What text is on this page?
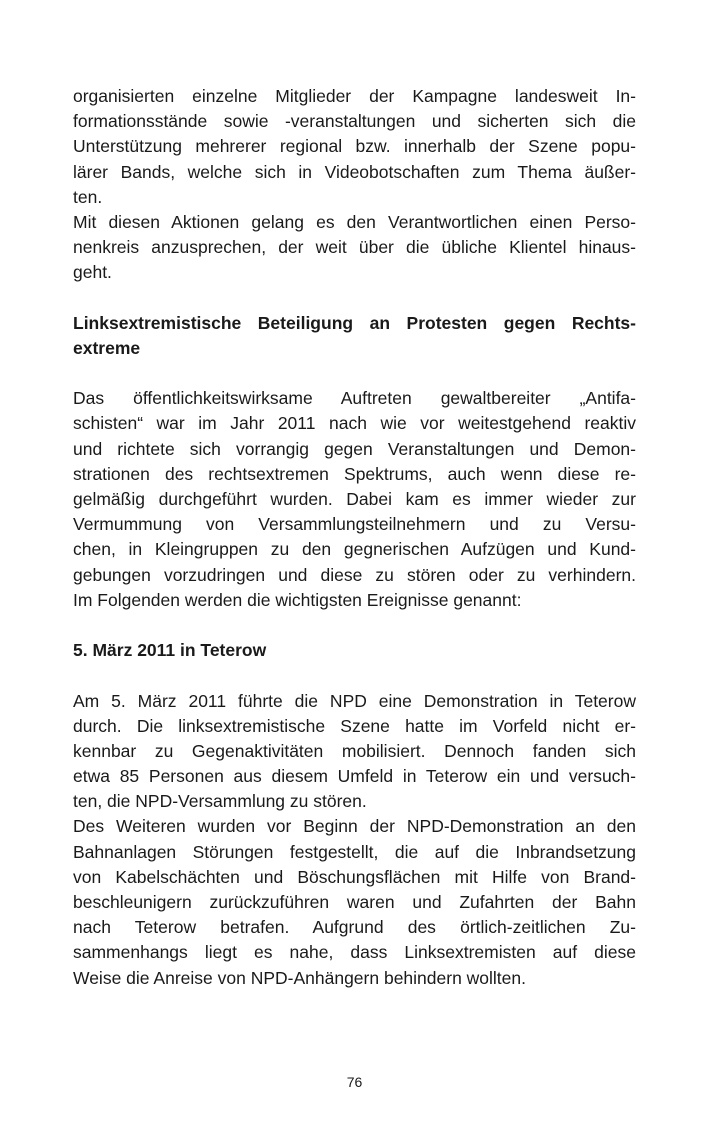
organisierten einzelne Mitglieder der Kampagne landesweit In-
formationsstände sowie -veranstaltungen und sicherten sich die
Unterstützung mehrerer regional bzw. innerhalb der Szene popu-
lärer Bands, welche sich in Videobotschaften zum Thema äußer-
ten.
Mit diesen Aktionen gelang es den Verantwortlichen einen Perso-
nenkreis anzusprechen, der weit über die übliche Klientel hinaus-
geht.
Linksextremistische Beteiligung an Protesten gegen Rechts-
extreme
Das öffentlichkeitswirksame Auftreten gewaltbereiter „Antifa-
schisten“ war im Jahr 2011 nach wie vor weitestgehend reaktiv
und richtete sich vorrangig gegen Veranstaltungen und Demon-
strationen des rechtsextremen Spektrums, auch wenn diese re-
gelmäßig durchgeführt wurden. Dabei kam es immer wieder zur
Vermummung von Versammlungsteilnehmern und zu Versu-
chen, in Kleingruppen zu den gegnerischen Aufzügen und Kund-
gebungen vorzudringen und diese zu stören oder zu verhindern.
Im Folgenden werden die wichtigsten Ereignisse genannt:
5. März 2011 in Teterow
Am 5. März 2011 führte die NPD eine Demonstration in Teterow
durch. Die linksextremistische Szene hatte im Vorfeld nicht er-
kennbar zu Gegenaktivitäten mobilisiert. Dennoch fanden sich
etwa 85 Personen aus diesem Umfeld in Teterow ein und versuch-
ten, die NPD-Versammlung zu stören.
Des Weiteren wurden vor Beginn der NPD-Demonstration an den
Bahnanlagen Störungen festgestellt, die auf die Inbrandsetzung
von Kabelschächten und Böschungsflächen mit Hilfe von Brand-
beschleunigern zurückzuführen waren und Zufahrten der Bahn
nach Teterow betrafen. Aufgrund des örtlich-zeitlichen Zu-
sammenhangs liegt es nahe, dass Linksextremisten auf diese
Weise die Anreise von NPD-Anhängern behindern wollten.
76
